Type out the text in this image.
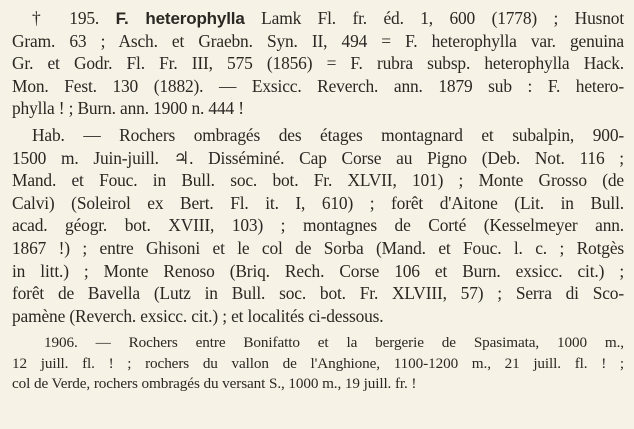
† 195. F. heterophylla Lamk Fl. fr. éd. 1, 600 (1778) ; Husnot
Gram. 63 ; Asch. et Graebn. Syn. II, 494 = F. heterophylla var. genuina
Gr. et Godr. Fl. Fr. III, 575 (1856) = F. rubra subsp. heterophylla Hack.
Mon. Fest. 130 (1882). — Exsicc. Reverch. ann. 1879 sub : F. hetero-
phylla ! ; Burn. ann. 1900 n. 444 !
Hab. — Rochers ombragés des étages montagnard et subalpin, 900-
1500 m. Juin-juill. ♃. Disséminé. Cap Corse au Pigno (Deb. Not. 116 ;
Mand. et Fouc. in Bull. soc. bot. Fr. XLVII, 101) ; Monte Grosso (de
Calvi) (Soleirol ex Bert. Fl. it. I, 610) ; forêt d'Aitone (Lit. in Bull.
acad. géogr. bot. XVIII, 103) ; montagnes de Corté (Kesselmeyer ann.
1867 !) ; entre Ghisoni et le col de Sorba (Mand. et Fouc. l. c. ; Rotgès
in litt.) ; Monte Renoso (Briq. Rech. Corse 106 et Burn. exsicc. cit.) ;
forêt de Bavella (Lutz in Bull. soc. bot. Fr. XLVIII, 57) ; Serra di Sco-
pamène (Reverch. exsicc. cit.) ; et localités ci-dessous.
1906. — Rochers entre Bonifatto et la bergerie de Spasimata, 1000 m.,
12 juill. fl. ! ; rochers du vallon de l'Anghione, 1100-1200 m., 21 juill. fl. ! ;
col de Verde, rochers ombragés du versant S., 1000 m., 19 juill. fr. !
